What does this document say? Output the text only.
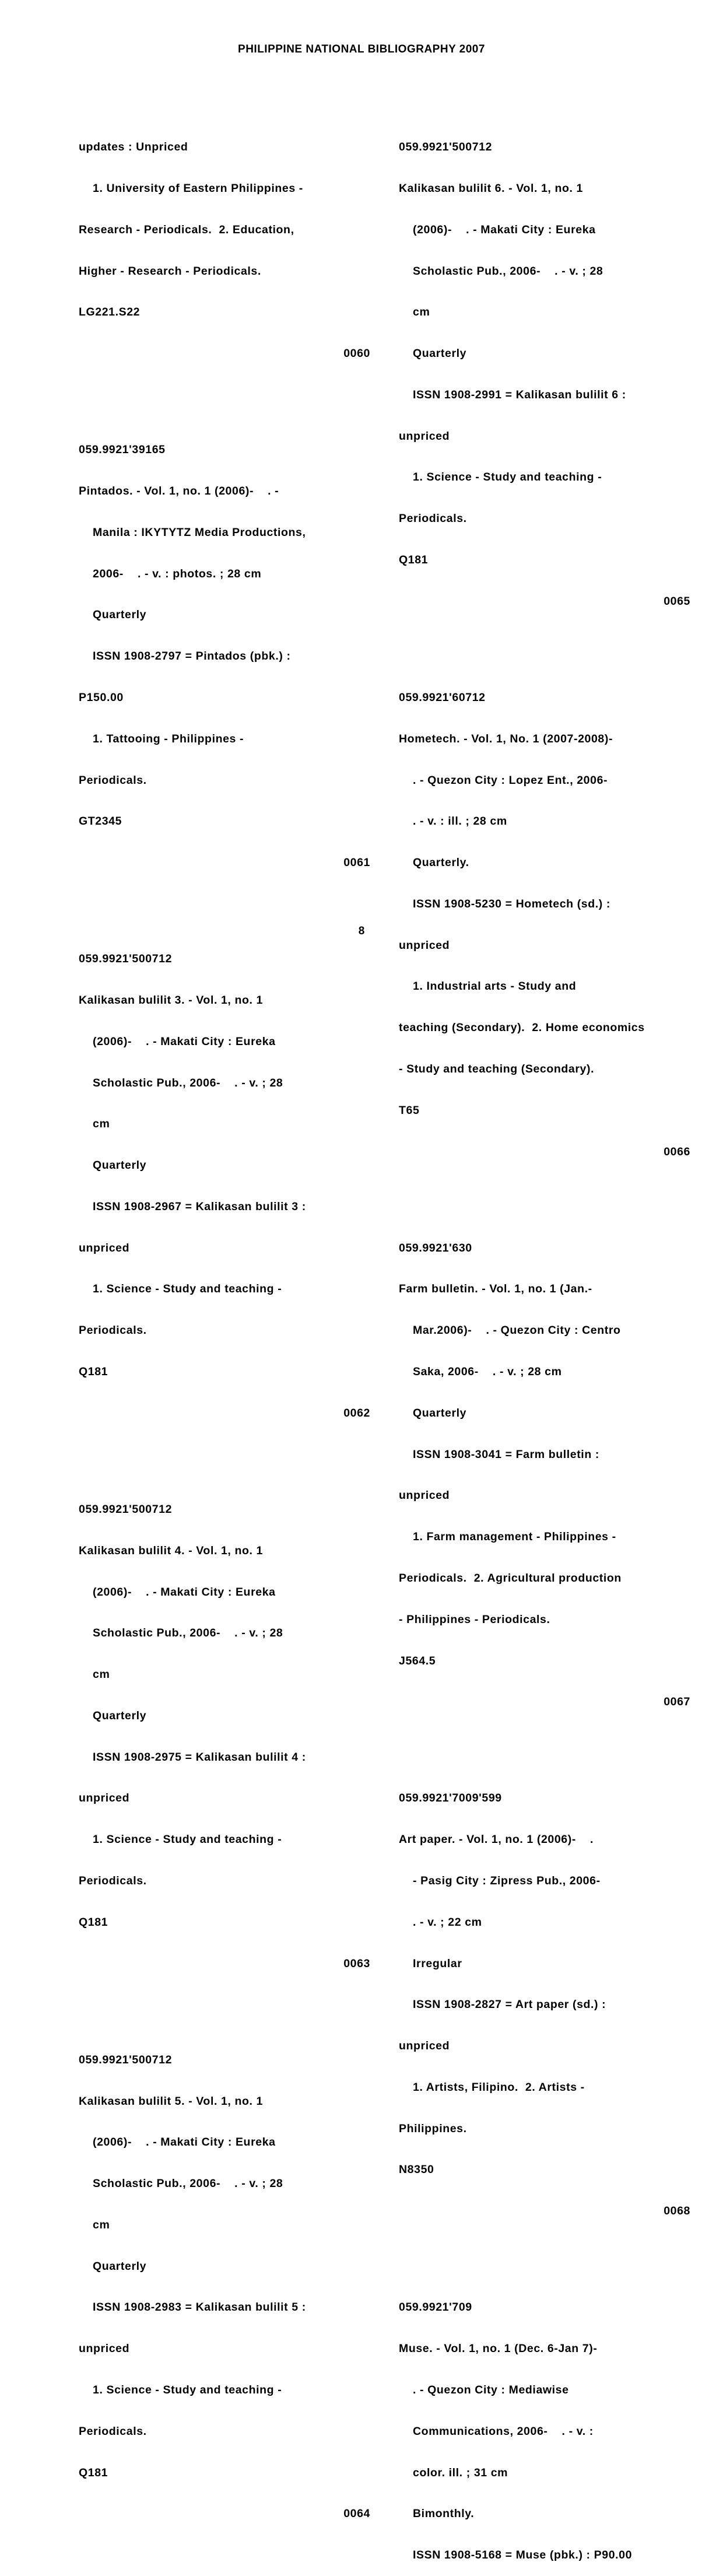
PHILIPPINE NATIONAL BIBLIOGRAPHY 2007

updates : Unpriced

1. University of Eastern Philippines -

Research - Periodicals.  2. Education,

Higher - Research - Periodicals.

LG221.S22

0060

059.9921'39165

Pintados. - Vol. 1, no. 1 (2006)-    . -

Manila : IKYTYTZ Media Productions,

2006-    . - v. : photos. ; 28 cm

Quarterly

ISSN 1908-2797 = Pintados (pbk.) :

P150.00

1. Tattooing - Philippines -

Periodicals.

GT2345

0061

059.9921'500712

Kalikasan bulilit 3. - Vol. 1, no. 1

(2006)-    . - Makati City : Eureka

Scholastic Pub., 2006-    . - v. ; 28

cm

Quarterly

ISSN 1908-2967 = Kalikasan bulilit 3 :

unpriced

1. Science - Study and teaching -

Periodicals.

Q181

0062

059.9921'500712

Kalikasan bulilit 4. - Vol. 1, no. 1

(2006)-    . - Makati City : Eureka

Scholastic Pub., 2006-    . - v. ; 28

cm

Quarterly

ISSN 1908-2975 = Kalikasan bulilit 4 :

unpriced

1. Science - Study and teaching -

Periodicals.

Q181

0063

059.9921'500712

Kalikasan bulilit 5. - Vol. 1, no. 1

(2006)-    . - Makati City : Eureka

Scholastic Pub., 2006-    . - v. ; 28

cm

Quarterly

ISSN 1908-2983 = Kalikasan bulilit 5 :

unpriced

1. Science - Study and teaching -

Periodicals.

Q181

0064

059.9921'500712

Kalikasan bulilit 6. - Vol. 1, no. 1

(2006)-    . - Makati City : Eureka

Scholastic Pub., 2006-    . - v. ; 28

cm

Quarterly

ISSN 1908-2991 = Kalikasan bulilit 6 :

unpriced

1. Science - Study and teaching -

Periodicals.

Q181

0065

059.9921'60712

Hometech. - Vol. 1, No. 1 (2007-2008)-

. - Quezon City : Lopez Ent., 2006-

. - v. : ill. ; 28 cm

Quarterly.

ISSN 1908-5230 = Hometech (sd.) :

unpriced

1. Industrial arts - Study and

teaching (Secondary).  2. Home economics

- Study and teaching (Secondary).

T65

0066

059.9921'630

Farm bulletin. - Vol. 1, no. 1 (Jan.-

Mar.2006)-    . - Quezon City : Centro

Saka, 2006-    . - v. ; 28 cm

Quarterly

ISSN 1908-3041 = Farm bulletin :

unpriced

1. Farm management - Philippines -

Periodicals.  2. Agricultural production

- Philippines - Periodicals.

J564.5

0067

059.9921'7009'599

Art paper. - Vol. 1, no. 1 (2006)-    .

- Pasig City : Zipress Pub., 2006-

. - v. ; 22 cm

Irregular

ISSN 1908-2827 = Art paper (sd.) :

unpriced

1. Artists, Filipino.  2. Artists -

Philippines.

N8350

0068

059.9921'709

Muse. - Vol. 1, no. 1 (Dec. 6-Jan 7)-

. - Quezon City : Mediawise

Communications, 2006-    . - v. :

color. ill. ; 31 cm

Bimonthly.

ISSN 1908-5168 = Muse (pbk.) : P90.00

8
